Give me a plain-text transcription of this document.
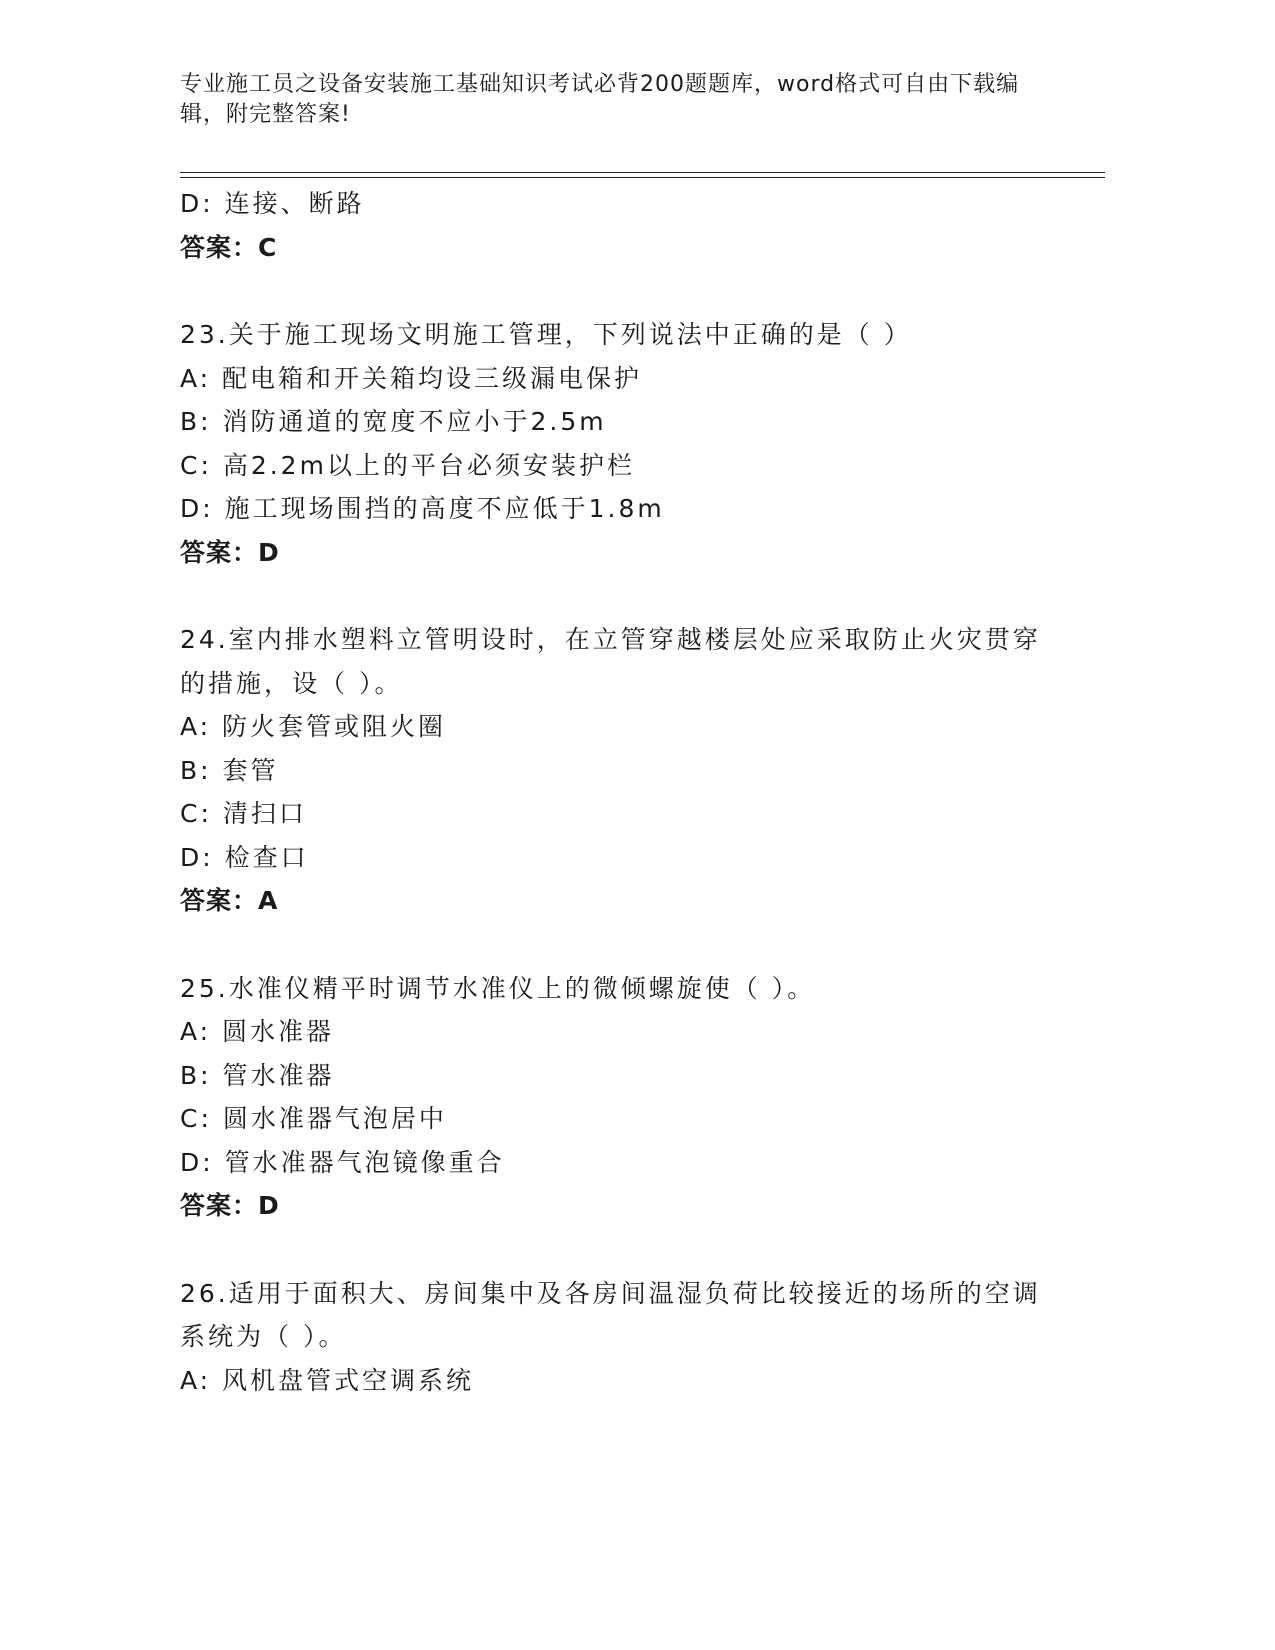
专业施工员之设备安装施工基础知识考试必背200题题库，word格式可自由下载编辑，附完整答案!
D: 连接、断路
答案：C
23.关于施工现场文明施工管理，下列说法中正确的是（ ）
A: 配电箱和开关箱均设三级漏电保护
B: 消防通道的宽度不应小于2.5m
C: 高2.2m以上的平台必须安装护栏
D: 施工现场围挡的高度不应低于1.8m
答案：D
24.室内排水塑料立管明设时，在立管穿越楼层处应采取防止火灾贯穿的措施，设（ ）。
A: 防火套管或阻火圈
B: 套管
C: 清扫口
D: 检查口
答案：A
25.水准仪精平时调节水准仪上的微倾螺旋使（ ）。
A: 圆水准器
B: 管水准器
C: 圆水准器气泡居中
D: 管水准器气泡镜像重合
答案：D
26.适用于面积大、房间集中及各房间温湿负荷比较接近的场所的空调系统为（ ）。
A: 风机盘管式空调系统
